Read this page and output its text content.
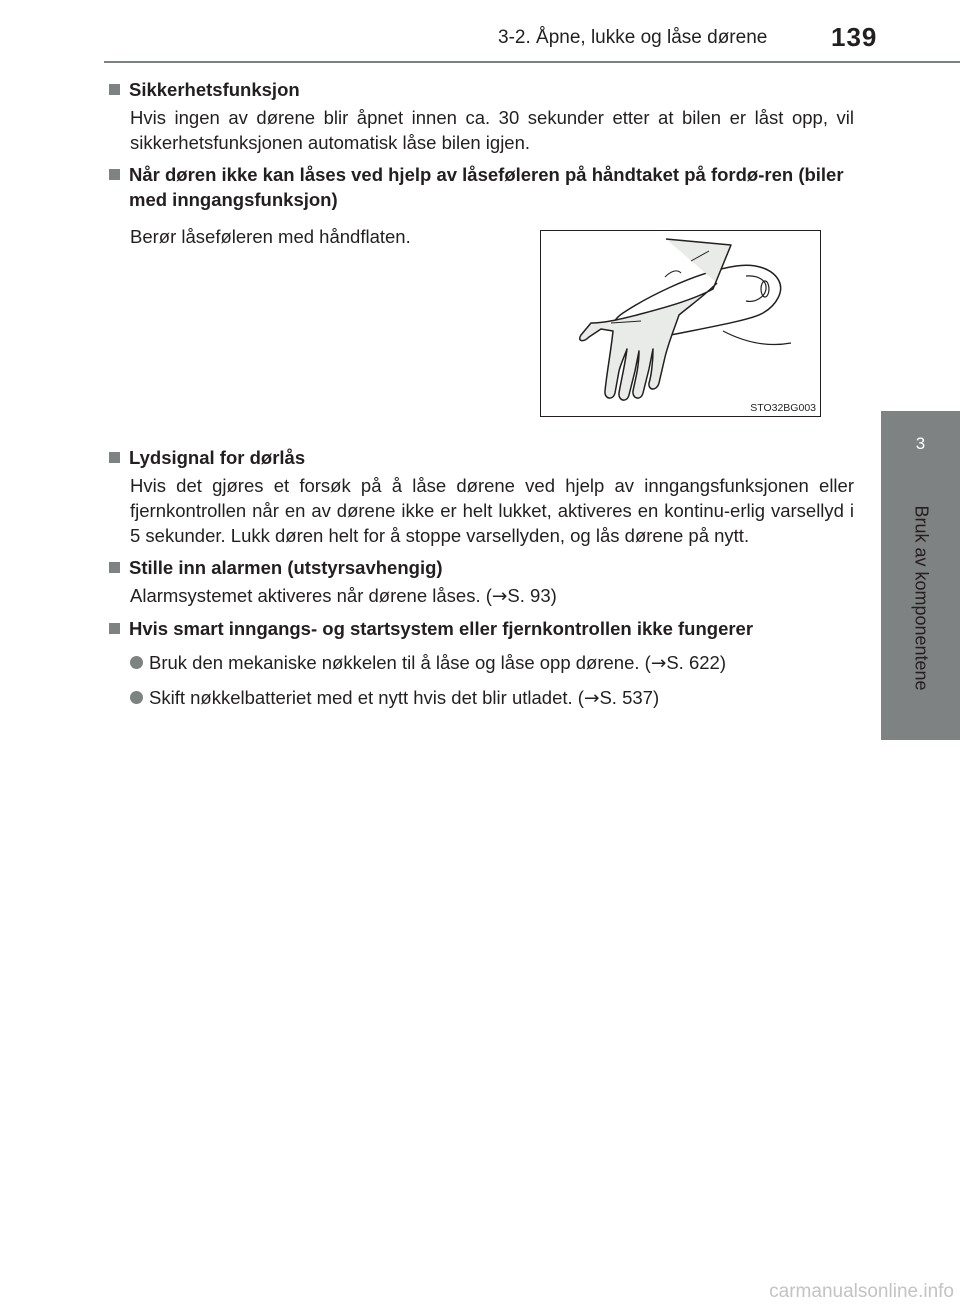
3-2. Åpne, lukke og låse dørene 139
3
Bruk av komponentene
Sikkerhetsfunksjon
Hvis ingen av dørene blir åpnet innen ca. 30 sekunder etter at bilen er låst opp, vil sikkerhetsfunksjonen automatisk låse bilen igjen.
Når døren ikke kan låses ved hjelp av låseføleren på håndtaket på fordø-ren (biler med inngangsfunksjon)
Berør låseføleren med håndflaten.
STO32BG003
Lydsignal for dørlås
Hvis det gjøres et forsøk på å låse dørene ved hjelp av inngangsfunksjonen eller fjernkontrollen når en av dørene ikke er helt lukket, aktiveres en kontinu-erlig varsellyd i 5 sekunder. Lukk døren helt for å stoppe varsellyden, og lås dørene på nytt.
Stille inn alarmen (utstyrsavhengig)
Alarmsystemet aktiveres når dørene låses. (→S. 93)
Hvis smart inngangs- og startsystem eller fjernkontrollen ikke fungerer
Bruk den mekaniske nøkkelen til å låse og låse opp dørene. (→S. 622)
Skift nøkkelbatteriet med et nytt hvis det blir utladet. (→S. 537)
carmanualsonline.info
